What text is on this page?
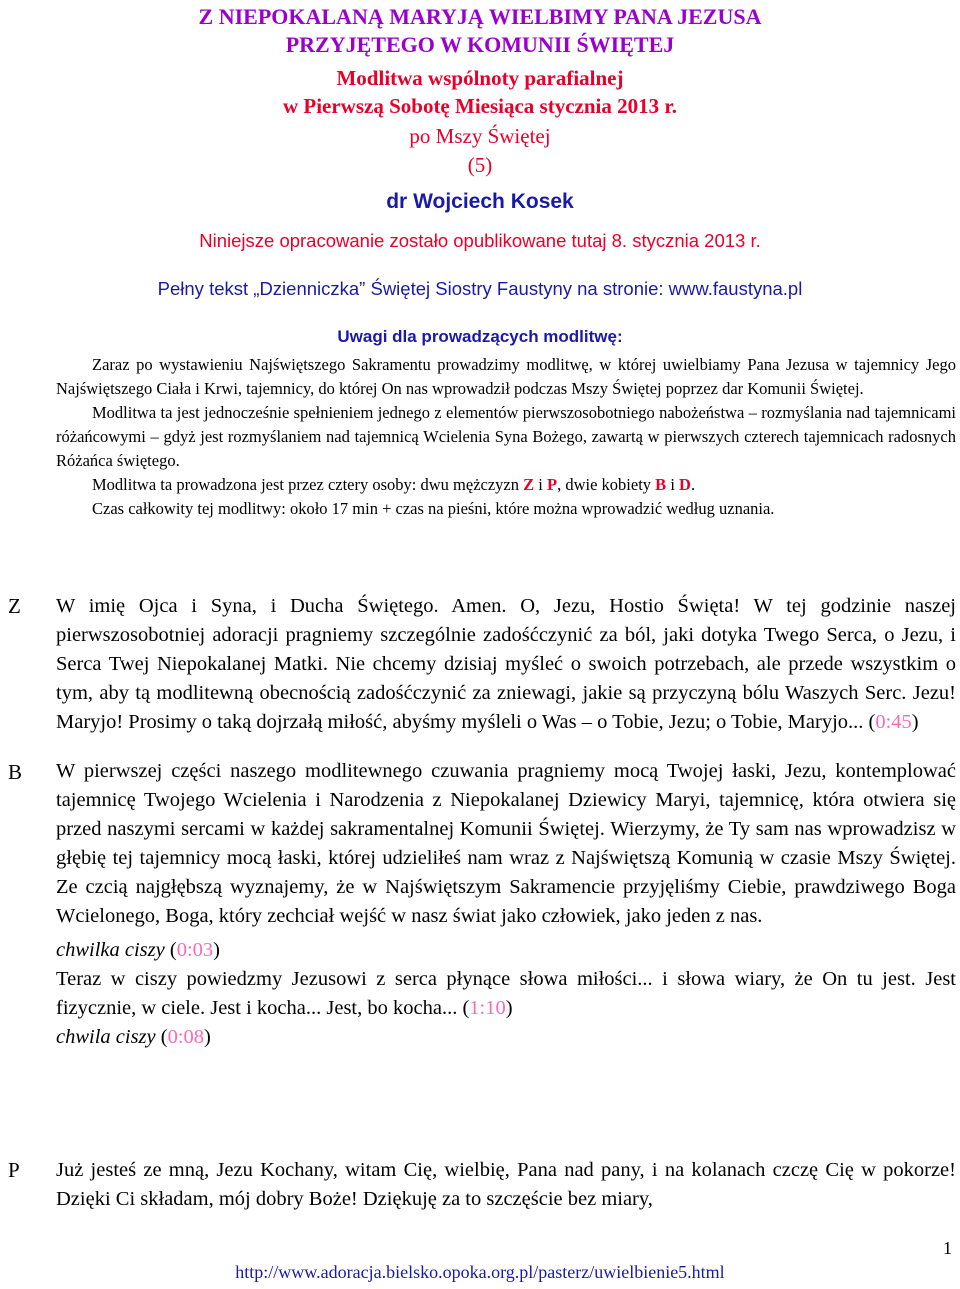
Z NIEPOKALANĄ MARYJĄ WIELBIMY PANA JEZUSA
PRZYJĘTEGO W KOMUNII ŚWIĘTEJ
Modlitwa wspólnoty parafialnej
w Pierwszą Sobotę Miesiąca stycznia 2013 r.
po Mszy Świętej
(5)
dr Wojciech Kosek
Niniejsze opracowanie zostało opublikowane tutaj 8. stycznia 2013 r.
Pełny tekst „Dzienniczka” Świętej Siostry Faustyny na stronie: www.faustyna.pl
Uwagi dla prowadzących modlitwę:

Zaraz po wystawieniu Najświętszego Sakramentu prowadzimy modlitwę, w której uwielbiamy Pana Jezusa w tajemnicy Jego Najświętszego Ciała i Krwi, tajemnicy, do której On nas wprowadził podczas Mszy Świętej poprzez dar Komunii Świętej.

Modlitwa ta jest jednocześnie spełnieniem jednego z elementów pierwszosobotniego nabożeństwa – rozmyślania nad tajemnicami różańcowymi – gdyż jest rozmyślaniem nad tajemnicą Wcielenia Syna Bożego, zawartą w pierwszych czterech tajemnicach radosnych Różańca świętego.

Modlitwa ta prowadzona jest przez cztery osoby: dwu mężczyzn Z i P, dwie kobiety B i D.

Czas całkowity tej modlitwy: około 17 min + czas na pieśni, które można wprowadzić według uznania.

Z W imię Ojca i Syna, i Ducha Świętego. Amen. O, Jezu, Hostio Święta! W tej godzinie naszej pierwszosobotniej adoracji pragniemy szczególnie zadośćczynić za ból, jaki dotyka Twego Serca, o Jezu, i Serca Twej Niepokalanej Matki. Nie chcemy dzisiaj myśleć o swoich potrzebach, ale przede wszystkim o tym, aby tą modlitewną obecnością zadośćczynić za zniewagi, jakie są przyczyną bólu Waszych Serc. Jezu! Maryjo! Prosimy o taką dojrzałą miłość, abyśmy myśleli o Was – o Tobie, Jezu; o Tobie, Maryjo... (0:45)

B W pierwszej części naszego modlitewnego czuwania pragniemy mocą Twojej łaski, Jezu, kontemplować tajemnicę Twojego Wcielenia i Narodzenia z Niepokalanej Dziewicy Maryi, tajemnicę, która otwiera się przed naszymi sercami w każdej sakramentalnej Komunii Świętej. Wierzymy, że Ty sam nas wprowadzisz w głębię tej tajemnicy mocą łaski, której udzieliłeś nam wraz z Najświętszą Komunią w czasie Mszy Świętej. Ze czcią najgłębszą wyznajemy, że w Najświętszym Sakramencie przyjęliśmy Ciebie, prawdziwego Boga Wcielonego, Boga, który zechciał wejść w nasz świat jako człowiek, jako jeden z nas.

chwilka ciszy (0:03)

Teraz w ciszy powiedzmy Jezusowi z serca płynące słowa miłości... i słowa wiary, że On tu jest. Jest fizycznie, w ciele. Jest i kocha... Jest, bo kocha... (1:10)

chwila ciszy (0:08)

P Już jesteś ze mną, Jezu Kochany, witam Cię, wielbię, Pana nad pany, i na kolanach czczę Cię w pokorze! Dzięki Ci składam, mój dobry Boże! Dziękuję za to szczęście bez miary,

1
http://www.adoracja.bielsko.opoka.org.pl/pasterz/uwielbienie5.html
